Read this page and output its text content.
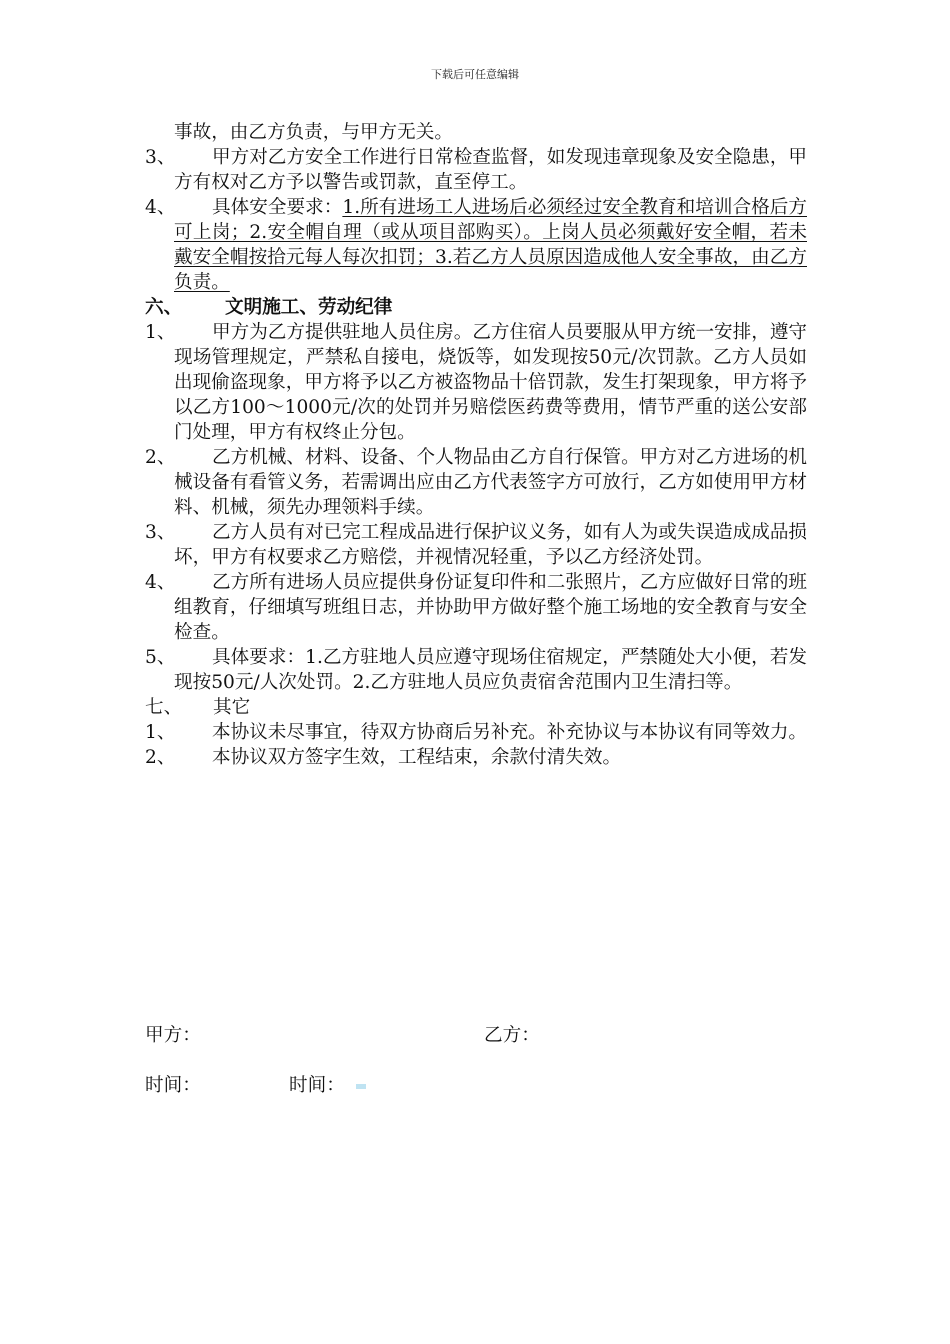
下载后可任意编辑
事故，由乙方负责，与甲方无关。
3、	甲方对乙方安全工作进行日常检查监督，如发现违章现象及安全隐患，甲方有权对乙方予以警告或罚款，直至停工。
4、	具体安全要求：1.所有进场工人进场后必须经过安全教育和培训合格后方可上岗；2.安全帽自理（或从项目部购买）。上岗人员必须戴好安全帽，若未戴安全帽按拾元每人每次扣罚；3.若乙方人员原因造成他人安全事故，由乙方负责。
六、 文明施工、劳动纪律
1、	甲方为乙方提供驻地人员住房。乙方住宿人员要服从甲方统一安排，遵守现场管理规定，严禁私自接电，烧饭等，如发现按50元/次罚款。乙方人员如出现偷盗现象，甲方将予以乙方被盗物品十倍罚款，发生打架现象，甲方将予以乙方100～1000元/次的处罚并另赔偿医药费等费用，情节严重的送公安部门处理，甲方有权终止分包。
2、	乙方机械、材料、设备、个人物品由乙方自行保管。甲方对乙方进场的机械设备有看管义务，若需调出应由乙方代表签字方可放行，乙方如使用甲方材料、机械，须先办理领料手续。
3、	乙方人员有对已完工程成品进行保护议义务，如有人为或失误造成成品损坏，甲方有权要求乙方赔偿，并视情况轻重，予以乙方经济处罚。
4、	乙方所有进场人员应提供身份证复印件和二张照片，乙方应做好日常的班组教育，仔细填写班组日志，并协助甲方做好整个施工场地的安全教育与安全检查。
5、	具体要求：1.乙方驻地人员应遵守现场住宿规定，严禁随处大小便，若发现按50元/人次处罚。2.乙方驻地人员应负责宿舍范围内卫生清扫等。
七、 其它
1、	本协议未尽事宜，待双方协商后另补充。补充协议与本协议有同等效力。
2、	本协议双方签字生效，工程结束，余款付清失效。
甲方：	乙方：
时间：	时间：
